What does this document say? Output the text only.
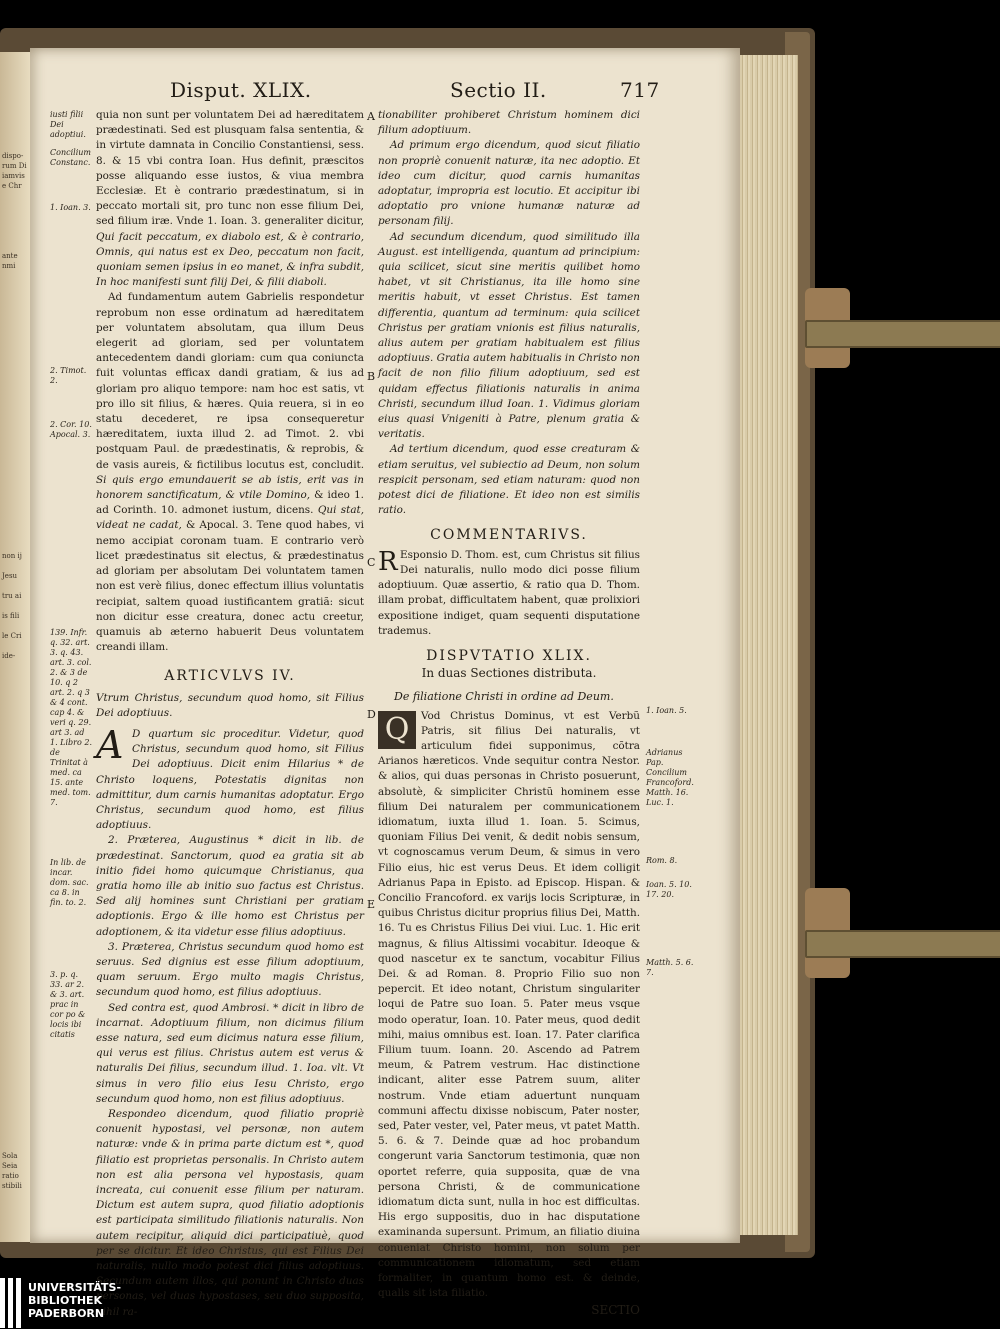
dispo-
rum Di
iamvis
e Chr
ante
nmi
non ij
Jesu
tru ai
is fili
le Cri
ide-
Sola
Seia
ratio
stibili
Disput. XLIX.	Sectio II.	717
iusti filii Dei adoptiui.
Concilium Constanc.
1. Ioan. 3.
2. Timot. 2.
2. Cor. 10. Apocal. 3.
139. Infr. q. 32. art. 3. q. 43. art. 3. col. 2. & 3 de 10. q 2 art. 2. q 3 & 4 cont. cap 4. & veri q. 29. art 3. ad 1. Libro 2. de Trinitat à med. ca 15. ante med. tom. 7.
In lib. de incar. dom. sac. ca 8. in fin. to. 2.
3. p. q. 33. ar 2. & 3. art. prac in cor po & locis ibi citatis

quia non sunt per voluntatem Dei ad hæreditatem prædestinati. Sed est plusquam falsa sententia, & in virtute damnata in Concilio Constantiensi, sess. 8. & 15 vbi contra Ioan. Hus definit, præscitos posse aliquando esse iustos, & viua membra Ecclesiæ. Et è contrario prædestinatum, si in peccato mortali sit, pro tunc non esse filium Dei, sed filium iræ. Vnde 1. Ioan. 3. generaliter dicitur, Qui facit peccatum, ex diabolo est, & è contrario, Omnis, qui natus est ex Deo, peccatum non facit, quoniam semen ipsius in eo manet, & infra subdit, In hoc manifesti sunt filij Dei, & filii diaboli.

Ad fundamentum autem Gabrielis respondetur reprobum non esse ordinatum ad hæreditatem per voluntatem absolutam, qua illum Deus elegerit ad gloriam, sed per voluntatem antecedentem dandi gloriam: cum qua coniuncta fuit voluntas efficax dandi gratiam, & ius ad gloriam pro aliquo tempore: nam hoc est satis, vt pro illo sit filius, & hæres. Quia reuera, si in eo statu decederet, re ipsa consequeretur hæreditatem, iuxta illud 2. ad Timot. 2. vbi postquam Paul. de prædestinatis, & reprobis, & de vasis aureis, & fictilibus locutus est, concludit. Si quis ergo emundauerit se ab istis, erit vas in honorem sanctificatum, & vtile Domino, & ideo 1. ad Corinth. 10. admonet iustum, dicens. Qui stat, videat ne cadat, & Apocal. 3. Tene quod habes, vi nemo accipiat coronam tuam. E contrario verò licet prædestinatus sit electus, & prædestinatus ad gloriam per absolutam Dei voluntatem tamen non est verè filius, donec effectum illius voluntatis recipiat, saltem quoad iustificantem gratiã: sicut non dicitur esse creatura, donec actu creetur, quamuis ab æterno habuerit Deus voluntatem creandi illam.

ARTICVLVS IV.

Vtrum Christus, secundum quod homo, sit Filius Dei adoptiuus.

A D quartum sic proceditur. Videtur, quod Christus, secundum quod homo, sit Filius Dei adoptiuus. Dicit enim Hilarius * de Christo loquens, Potestatis dignitas non admittitur, dum carnis humanitas adoptatur. Ergo Christus, secundum quod homo, est filius adoptiuus.

2. Præterea, Augustinus * dicit in lib. de prædestinat. Sanctorum, quod ea gratia sit ab initio fidei homo quicumque Christianus, qua gratia homo ille ab initio suo factus est Christus. Sed alij homines sunt Christiani per gratiam adoptionis. Ergo & ille homo est Christus per adoptionem, & ita videtur esse filius adoptiuus.

3. Præterea, Christus secundum quod homo est seruus. Sed dignius est esse filium adoptiuum, quam seruum. Ergo multo magis Christus, secundum quod homo, est filius adoptiuus.

Sed contra est, quod Ambrosi. * dicit in libro de incarnat. Adoptiuum filium, non dicimus filium esse natura, sed eum dicimus natura esse filium, qui verus est filius. Christus autem est verus & naturalis Dei filius, secundum illud. 1. Ioa. vlt. Vt simus in vero filio eius Iesu Christo, ergo secundum quod homo, non est filius adoptiuus.

Respondeo dicendum, quod filiatio propriè conuenit hypostasi, vel personæ, non autem naturæ: vnde & in prima parte dictum est *, quod filiatio est proprietas personalis. In Christo autem non est alia persona vel hypostasis, quam increata, cui conuenit esse filium per naturam. Dictum est autem supra, quod filiatio adoptionis est participata similitudo filiationis naturalis. Non autem recipitur, aliquid dici participatiuè, quod per se dicitur. Et ideo Christus, qui est Filius Dei naturalis, nullo modo potest dici filius adoptiuus. Secundum autem illos, qui ponunt in Christo duas personas, vel duas hypostases, seu duo supposita, nihil ra-

A
B
C
D
E

tionabiliter prohiberet Christum hominem dici filium adoptiuum.

Ad primum ergo dicendum, quod sicut filiatio non propriè conuenit naturæ, ita nec adoptio. Et ideo cum dicitur, quod carnis humanitas adoptatur, impropria est locutio. Et accipitur ibi adoptatio pro vnione humanæ naturæ ad personam filij.

Ad secundum dicendum, quod similitudo illa August. est intelligenda, quantum ad principium: quia scilicet, sicut sine meritis quilibet homo habet, vt sit Christianus, ita ille homo sine meritis habuit, vt esset Christus. Est tamen differentia, quantum ad terminum: quia scilicet Christus per gratiam vnionis est filius naturalis, alius autem per gratiam habitualem est filius adoptiuus. Gratia autem habitualis in Christo non facit de non filio filium adoptiuum, sed est quidam effectus filiationis naturalis in anima Christi, secundum illud Ioan. 1. Vidimus gloriam eius quasi Vnigeniti à Patre, plenum gratia & veritatis.

Ad tertium dicendum, quod esse creaturam & etiam seruitus, vel subiectio ad Deum, non solum respicit personam, sed etiam naturam: quod non potest dici de filiatione. Et ideo non est similis ratio.

COMMENTARIVS.

R Esponsio D. Thom. est, cum Christus sit filius Dei naturalis, nullo modo dici posse filium adoptiuum. Quæ assertio, & ratio qua D. Thom. illam probat, difficultatem habent, quæ prolixiori expositione indiget, quam sequenti disputatione trademus.

DISPVTATIO XLIX.

In duas Sectiones distributa.

De filiatione Christi in ordine ad Deum.

Q	Vod Christus Dominus, vt est Verbũ Patris, sit filius Dei naturalis, vt articulum fidei supponimus, cõtra Arianos hæreticos. Vnde sequitur contra Nestor. & alios, qui duas personas in Christo posuerunt, absolutè, & simpliciter Christũ hominem esse filium Dei naturalem per communicationem idiomatum, iuxta illud 1. Ioan. 5. Scimus, quoniam Filius Dei venit, & dedit nobis sensum, vt cognoscamus verum Deum, & simus in vero Filio eius, hic est verus Deus. Et idem colligit Adrianus Papa in Episto. ad Episcop. Hispan. & Concilio Francoford. ex varijs locis Scripturæ, in quibus Christus dicitur proprius filius Dei, Matth. 16. Tu es Christus Filius Dei viui. Luc. 1. Hic erit magnus, & filius Altissimi vocabitur. Ideoque & quod nascetur ex te sanctum, vocabitur Filius Dei. & ad Roman. 8. Proprio Filio suo non pepercit. Et ideo notant, Christum singulariter loqui de Patre suo Ioan. 5. Pater meus vsque modo operatur, Ioan. 10. Pater meus, quod dedit mihi, maius omnibus est. Ioan. 17. Pater clarifica Filium tuum. Ioann. 20. Ascendo ad Patrem meum, & Patrem vestrum. Hac distinctione indicant, aliter esse Patrem suum, aliter nostrum. Vnde etiam aduertunt nunquam communi affectu dixisse nobiscum, Pater noster, sed, Pater vester, vel, Pater meus, vt patet Matth. 5. 6. & 7. Deinde quæ ad hoc probandum congerunt varia Sanctorum testimonia, quæ non oportet referre, quia supposita, quæ de vna persona Christi, & de communicatione idiomatum dicta sunt, nulla in hoc est difficultas. His ergo suppositis, duo in hac disputatione examinanda supersunt. Primum, an filiatio diuina conueniat Christo homini, non solum per communicationem idiomatum, sed etiam formaliter, in quantum homo est. & deinde, qualis sit ista filiatio.

SECTIO

1. Ioan. 5.
Adrianus Pap. Concilium Francoford. Matth. 16. Luc. 1.
Rom. 8.
Ioan. 5. 10. 17. 20.
Matth. 5. 6. 7.
UNIVERSITÄTS-
BIBLIOTHEK
PADERBORN
